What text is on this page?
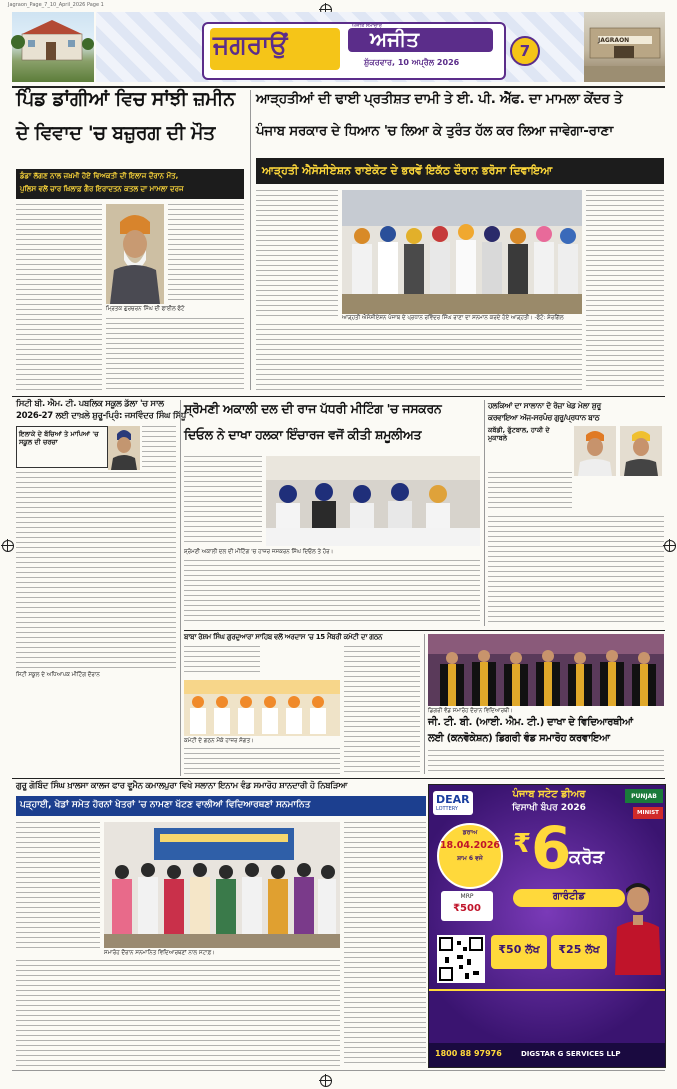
Jagraon_Page_7_10_April_2026 Page 1
ਜਗਰਾਉਂ
ਅਜੀਤ ਸਮਾਚਾਰ
ਅਜੀਤ
ਸ਼ੁੱਕਰਵਾਰ, 10 ਅਪ੍ਰੈਲ 2026
7
JAGRAON
ਪਿੰਡ ਡਾਂਗੀਆਂ ਵਿਚ ਸਾਂਝੀ ਜ਼ਮੀਨ
ਦੇ ਵਿਵਾਦ 'ਚ ਬਜ਼ੁਰਗ ਦੀ ਮੌਤ
ਡੰਡਾ ਲੱਗਣ ਨਾਲ ਜ਼ਖ਼ਮੀ ਹੋਏ ਵਿਅਕਤੀ ਦੀ ਇਲਾਜ ਦੌਰਾਨ ਮੌਤ,
ਪੁਲਿਸ ਵਲੋਂ ਚਾਰ ਖ਼ਿਲਾਫ਼ ਗੈਰ ਇਰਾਦਤਨ ਕਤਲ ਦਾ ਮਾਮਲਾ ਦਰਜ
ਮ੍ਰਿਤਕ ਗੁਰਚਰਨ ਸਿੰਘ ਦੀ ਫਾਈਲ ਫੋਟੋ
ਆੜ੍ਹਤੀਆਂ ਦੀ ਢਾਈ ਪ੍ਰਤੀਸ਼ਤ ਦਾਮੀ ਤੇ ਈ. ਪੀ. ਐੱਫ. ਦਾ ਮਾਮਲਾ ਕੇਂਦਰ ਤੇ
ਪੰਜਾਬ ਸਰਕਾਰ ਦੇ ਧਿਆਨ 'ਚ ਲਿਆ ਕੇ ਤੁਰੰਤ ਹੱਲ ਕਰ ਲਿਆ ਜਾਵੇਗਾ-ਰਾਣਾ
ਆੜ੍ਹਤੀ ਐਸੋਸੀਏਸ਼ਨ ਰਾਏਕੋਟ ਦੇ ਭਰਵੇਂ ਇਕੱਠ ਦੌਰਾਨ ਭਰੋਸਾ ਦਿਵਾਇਆ
ਆੜ੍ਹਤੀ ਐਸੋਸੀਏਸ਼ਨ ਪੰਜਾਬ ਦੇ ਪ੍ਰਧਾਨ ਰਵਿੰਦਰ ਸਿੰਘ ਰਾਣਾ ਦਾ ਸਨਮਾਨ ਕਰਦੇ ਹੋਏ ਆੜ੍ਹਤੀ। -ਫੋਟੋ: ਸ਼ੇਰਗਿੱਲ
ਸਿਟੀ ਬੀ. ਐਮ. ਟੀ. ਪਬਲਿਕ ਸਕੂਲ ਡੱਲਾ 'ਚ ਸਾਲ
2026-27 ਲਈ ਦਾਖ਼ਲੇ ਸ਼ੁਰੂ-ਪ੍ਰਿੰ: ਜਸਵਿੰਦਰ ਸਿੰਘ ਸਿੱਧੂ
ਇਲਾਕੇ ਦੇ ਬੱਚਿਆਂ ਤੇ ਮਾਪਿਆਂ 'ਚ ਸਕੂਲ ਦੀ ਚਰਚਾ
ਸਿਟੀ ਸਕੂਲ ਦੇ ਅਧਿਆਪਕ ਮੀਟਿੰਗ ਦੌਰਾਨ
ਸ਼੍ਰੋਮਣੀ ਅਕਾਲੀ ਦਲ ਦੀ ਰਾਜ ਪੱਧਰੀ ਮੀਟਿੰਗ 'ਚ ਜਸਕਰਨ
ਦਿਓਲ ਨੇ ਦਾਖਾ ਹਲਕਾ ਇੰਚਾਰਜ ਵਜੋਂ ਕੀਤੀ ਸ਼ਮੂਲੀਅਤ
ਸ਼੍ਰੋਮਣੀ ਅਕਾਲੀ ਦਲ ਦੀ ਮੀਟਿੰਗ 'ਚ ਹਾਜ਼ਰ ਜਸਕਰਨ ਸਿੰਘ ਦਿਓਲ ਤੇ ਹੋਰ।
ਹਲਕਿਆਂ ਦਾ ਸਾਲਾਨਾ ਦੋ ਰੋਜ਼ਾ ਖੇਡ ਮੇਲਾ ਸ਼ੁਰੂ
ਕਰਵਾਇਆ ਅੱਜ-ਸਰਪੰਚ ਗੁਰੂ/ਪ੍ਰਧਾਨ ਬਾਠ
ਕਬੱਡੀ, ਫੁੱਟਬਾਲ, ਹਾਕੀ ਦੇ ਮੁਕਾਬਲੇ
ਬਾਬਾ ਰੇਸ਼ਮ ਸਿੰਘ ਗੁਰਦੁਆਰਾ ਸਾਹਿਬ ਵਲੋਂ ਅਰਦਾਸ 'ਚ 15 ਮੈਂਬਰੀ ਕਮੇਟੀ ਦਾ ਗਠਨ
ਕਮੇਟੀ ਦੇ ਗਠਨ ਮੌਕੇ ਹਾਜ਼ਰ ਸੰਗਤ।
ਡਿਗਰੀ ਵੰਡ ਸਮਾਰੋਹ ਦੌਰਾਨ ਵਿਦਿਆਰਥੀ।
ਜੀ. ਟੀ. ਬੀ. (ਆਈ. ਐਮ. ਟੀ.) ਦਾਖਾ ਦੇ ਵਿਦਿਆਰਥੀਆਂ
ਲਈ (ਕਨਵੋਕੇਸ਼ਨ) ਡਿਗਰੀ ਵੰਡ ਸਮਾਰੋਹ ਕਰਵਾਇਆ
ਗੁਰੂ ਗੋਬਿੰਦ ਸਿੰਘ ਖ਼ਾਲਸਾ ਕਾਲਜ ਫਾਰ ਵੂਮੈਨ ਕਮਾਲਪੁਰਾ ਵਿਖੇ ਸਲਾਨਾ ਇਨਾਮ ਵੰਡ ਸਮਾਰੋਹ ਸ਼ਾਨਦਾਰੀ ਹੋ ਨਿਬੜਿਆ
ਪੜ੍ਹਾਈ, ਖੇਡਾਂ ਸਮੇਤ ਹੋਰਨਾਂ ਖੇਤਰਾਂ 'ਚ ਨਾਮਣਾ ਖੱਟਣ ਵਾਲੀਆਂ ਵਿਦਿਆਰਥਣਾਂ ਸਨਮਾਨਿਤ
ਸਮਾਰੋਹ ਦੌਰਾਨ ਸਨਮਾਨਿਤ ਵਿਦਿਆਰਥਣਾਂ ਨਾਲ ਸਟਾਫ਼।
DEAR
LOTTERY
ਪੰਜਾਬ ਸਟੇਟ ਡੀਅਰ
ਵਿਸਾਖੀ ਬੰਪਰ 2026
PUNJAB
MINIST
ਡਰਾਅ
18.04.2026
ਸ਼ਾਮ 6 ਵਜੇ
MRP
₹500
₹ 6
ਕਰੋੜ
ਗਾਰੰਟੀਡ
₹50 ਲੱਖ	₹25 ਲੱਖ
1800 88 97976	DIGSTAR G SERVICES LLP
